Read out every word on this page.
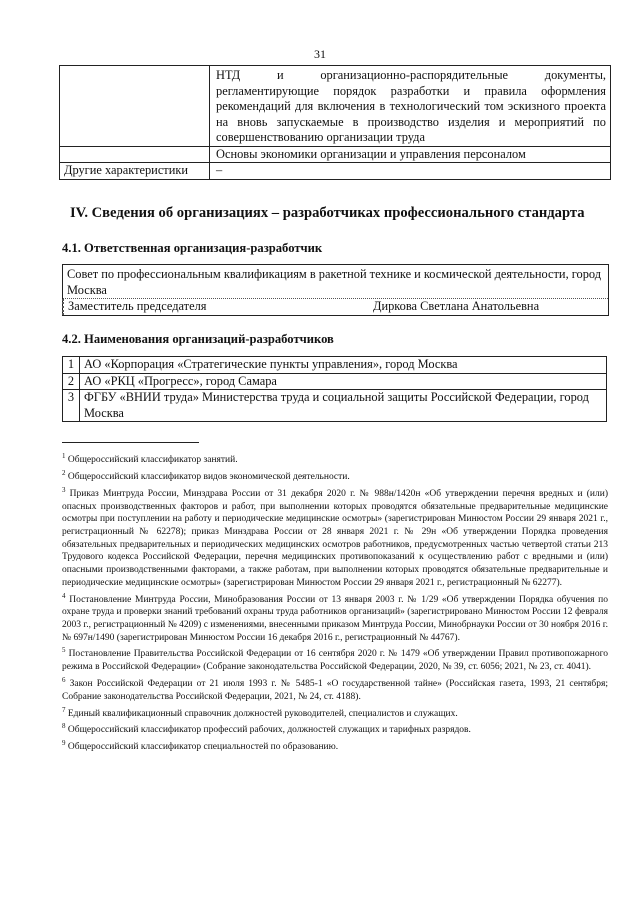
31
	НТД и организационно-распорядительные документы, регламентирующие порядок разработки и правила оформления рекомендаций для включения в технологический том эскизного проекта на вновь запускаемые в производство изделия и мероприятий по совершенствованию организации труда
	Основы экономики организации и управления персоналом
Другие характеристики	–
IV. Сведения об организациях – разработчиках профессионального стандарта
4.1. Ответственная организация-разработчик
Совет по профессиональным квалификациям в ракетной технике и космической деятельности, город Москва
Заместитель председателя	Диркова Светлана Анатольевна
4.2. Наименования организаций-разработчиков
1	АО «Корпорация «Стратегические пункты управления», город Москва
2	АО «РКЦ «Прогресс», город Самара
3	ФГБУ «ВНИИ труда» Министерства труда и социальной защиты Российской Федерации, город Москва

$^1$ Общероссийский классификатор занятий.

$^2$ Общероссийский классификатор видов экономической деятельности.

$^3$ Приказ Минтруда России, Минздрава России от 31 декабря 2020 г. № 988н/1420н «Об утверждении перечня вредных и (или) опасных производственных факторов и работ, при выполнении которых проводятся обязательные предварительные медицинские осмотры при поступлении на работу и периодические медицинские осмотры» (зарегистрирован Минюстом России 29 января 2021 г., регистрационный № 62278); приказ Минздрава России от 28 января 2021 г. № 29н «Об утверждении Порядка проведения обязательных предварительных и периодических медицинских осмотров работников, предусмотренных частью четвертой статьи 213 Трудового кодекса Российской Федерации, перечня медицинских противопоказаний к осуществлению работ с вредными и (или) опасными производственными факторами, а также работам, при выполнении которых проводятся обязательные предварительные и периодические медицинские осмотры» (зарегистрирован Минюстом России 29 января 2021 г., регистрационный № 62277).

$^4$ Постановление Минтруда России, Минобразования России от 13 января 2003 г. № 1/29 «Об утверждении Порядка обучения по охране труда и проверки знаний требований охраны труда работников организаций» (зарегистрировано Минюстом России 12 февраля 2003 г., регистрационный № 4209) с изменениями, внесенными приказом Минтруда России, Минобрнауки России от 30 ноября 2016 г. № 697н/1490 (зарегистрирован Минюстом России 16 декабря 2016 г., регистрационный № 44767).

$^5$ Постановление Правительства Российской Федерации от 16 сентября 2020 г. № 1479 «Об утверждении Правил противопожарного режима в Российской Федерации» (Собрание законодательства Российской Федерации, 2020, № 39, ст. 6056; 2021, № 23, ст. 4041).

$^6$ Закон Российской Федерации от 21 июля 1993 г. № 5485-1 «О государственной тайне» (Российская газета, 1993, 21 сентября; Собрание законодательства Российской Федерации, 2021, № 24, ст. 4188).

$^7$ Единый квалификационный справочник должностей руководителей, специалистов и служащих.

$^8$ Общероссийский классификатор профессий рабочих, должностей служащих и тарифных разрядов.

$^9$ Общероссийский классификатор специальностей по образованию.
